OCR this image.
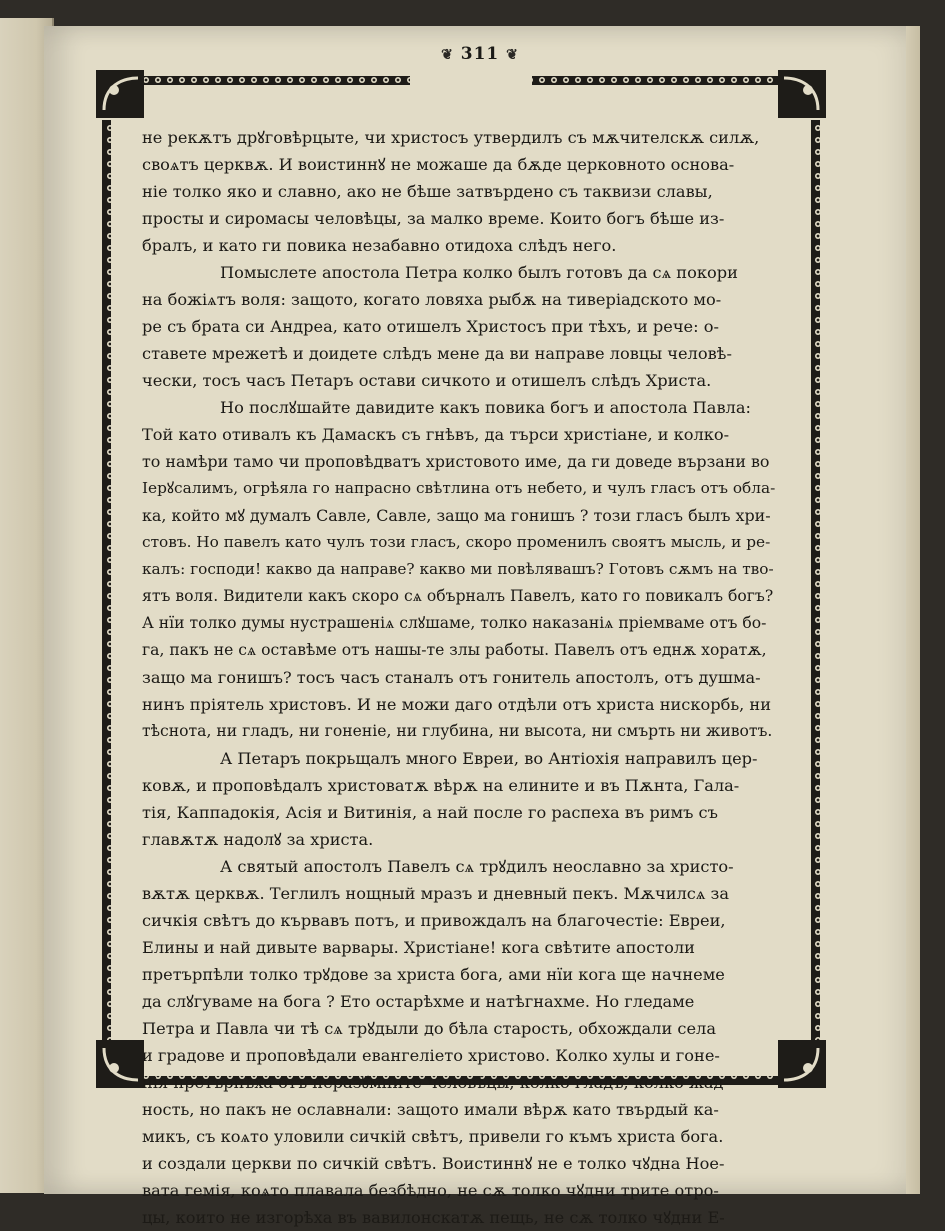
❦ 311 ❦
не рекѫтъ дрꙋговѣрцыте, чи христосъ утвердилъ съ мѫчителскѫ силѫ,
своѧтъ церквѫ. И воистиннꙋ не можаше да бѫде церковното основа-
ніе толко яко и славно, ако не бѣше затвърдено съ таквизи славы,
просты и сиромасы человѣцы, за малко време. Които богъ бѣше из-
бралъ, и като ги повика незабавно отидоха слѣдъ него.
Помыслете апостола Петра колко былъ готовъ да сѧ покори
на божіѧтъ воля: защото, когато ловяха рыбѫ на тиверіадското мо-
ре съ брата си Андреа, като отишелъ Христосъ при тѣхъ, и рече: о-
ставете мрежетѣ и доидете слѣдъ мене да ви направе ловцы человѣ-
чески, тосъ часъ Петаръ остави сичкото и отишелъ слѣдъ Христа.
Но послꙋшайте давидите какъ повика богъ и апостола Павла:
Той като отивалъ къ Дамаскъ съ гнѣвъ, да търси христіане, и колко-
то намѣри тамо чи проповѣдватъ христовото име, да ги доведе вързани во
Іерꙋсалимъ, огрѣяла го напрасно свѣтлина отъ небето, и чулъ гласъ отъ обла-
ка, който мꙋ думалъ Савле, Савле, защо ма гонишъ ? този гласъ былъ хри-
стовъ. Но павелъ като чулъ този гласъ, скоро променилъ своятъ мысль, и ре-
калъ: господи! какво да направе? какво ми повѣлявашъ? Готовъ сѫмъ на тво-
ятъ воля. Видители какъ скоро сѧ обърналъ Павелъ, като го повикалъ богъ?
А нїи толко думы нустрашеніѧ слꙋшаме, толко наказаніѧ пріемваме отъ бо-
га, пакъ не сѧ оставѣме отъ нашы-те злы работы. Павелъ отъ еднѫ хоратѫ,
защо ма гонишъ? тосъ часъ станалъ отъ гонитель апостолъ, отъ душма-
нинъ пріятель христовъ. И не можи даго отдѣли отъ христа нискорбь, ни
тѣснота, ни гладъ, ни гоненіе, ни глубина, ни высота, ни смърть ни животъ.
А Петаръ покрьщалъ много Евреи, во Антіохія направилъ цер-
ковѫ, и проповѣдалъ христоватѫ вѣрѫ на елините и въ Пѫнта, Гала-
тія, Каппадокія, Асія и Витинія, а най после го распеха въ римъ съ
главѫтѫ надолꙋ за христа.
А святый апостолъ Павелъ сѧ трꙋдилъ неославно за христо-
вѫтѫ церквѫ. Теглилъ нощный мразъ и дневный пекъ. Мѫчилсѧ за
сичкія свѣтъ до кървавъ потъ, и привождалъ на благочестіе: Евреи,
Елины и най дивыте варвары. Христіане! кога свѣтите апостоли
претърпѣли толко трꙋдове за христа бога, ами нїи кога ще начнеме
да слꙋгуваме на бога ? Ето остарѣхме и натѣгнахме. Но гледаме
Петра и Павла чи тѣ сѧ трꙋдыли до бѣла старость, обхождали села
и градове и проповѣдали евангеліето христово. Колко хулы и гоне-
нія претърпѣха отъ неразꙋмните человѣцы, колко гладъ, колко жад-
ность, но пакъ не ославнали: защото имали вѣрѫ като твърдый ка-
микъ, съ коѧто уловили сичкій свѣтъ, привели го къмъ христа бога.
и создали церкви по сичкій свѣтъ. Воистиннꙋ не е толко чꙋдна Ное-
вата гемія, коѧто плавала безбѣдно, не сѫ толко чꙋдни трите отро-
цы, които не изгорѣха въ вавилонскатѫ пещь, не сѫ толко чꙋдни Е-
